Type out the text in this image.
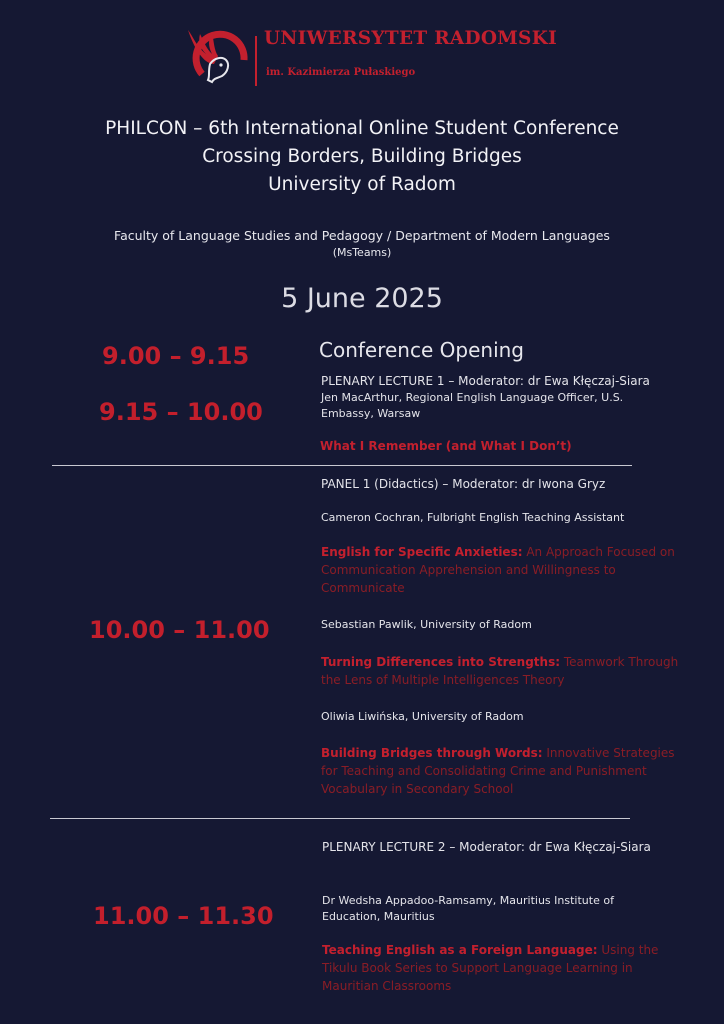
UNIWERSYTET RADOMSKI
im. Kazimierza Pułaskiego
PHILCON – 6th International Online Student Conference
Crossing Borders, Building Bridges
University of Radom
Faculty of Language Studies and Pedagogy / Department of Modern Languages
(MsTeams)
5 June 2025
9.00 – 9.15	Conference Opening
9.15 – 10.00
PLENARY LECTURE 1 – Moderator: dr Ewa Kłęczaj-Siara
Jen MacArthur, Regional English Language Officer, U.S. Embassy, Warsaw
What I Remember (and What I Don’t)
10.00 – 11.00
PANEL 1 (Didactics) – Moderator: dr Iwona Gryz
Cameron Cochran, Fulbright English Teaching Assistant
English for Specific Anxieties: An Approach Focused on Communication Apprehension and Willingness to Communicate
Sebastian Pawlik, University of Radom
Turning Differences into Strengths: Teamwork Through the Lens of Multiple Intelligences Theory
Oliwia Liwińska, University of Radom
Building Bridges through Words: Innovative Strategies for Teaching and Consolidating Crime and Punishment Vocabulary in Secondary School
11.00 – 11.30
PLENARY LECTURE 2 – Moderator: dr Ewa Kłęczaj-Siara
Dr Wedsha Appadoo-Ramsamy, Mauritius Institute of Education, Mauritius
Teaching English as a Foreign Language: Using the Tikulu Book Series to Support Language Learning in Mauritian Classrooms
